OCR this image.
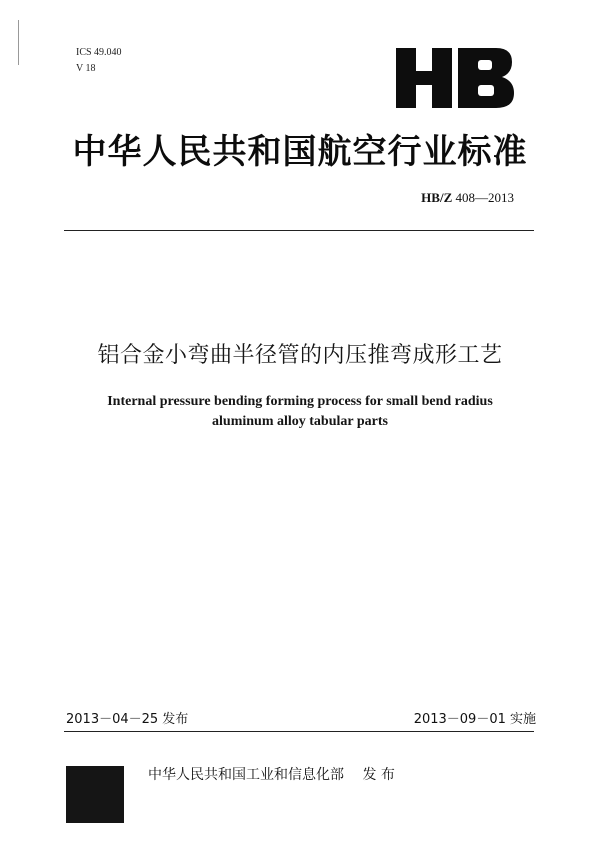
ICS 49.040
V 18
中华人民共和国航空行业标准
HB/Z 408—2013
铝合金小弯曲半径管的内压推弯成形工艺
Internal pressure bending forming process for small bend radius
aluminum alloy tabular parts
2013－04－25 发布	2013－09－01 实施
中华人民共和国工业和信息化部 发 布
